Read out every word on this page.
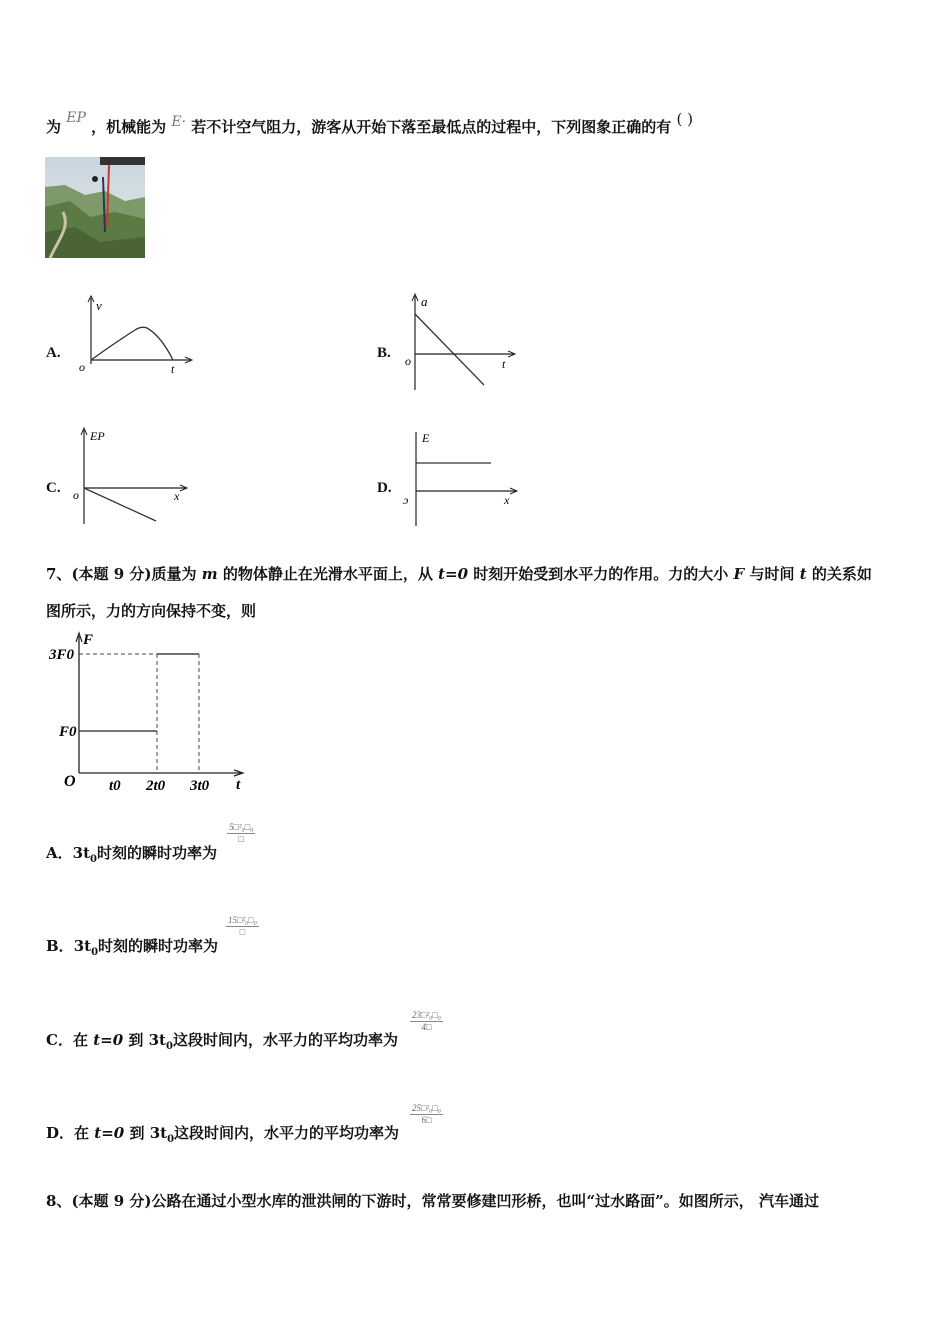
为 EP ，机械能为 E· 若不计空气阻力，游客从开始下落至最低点的过程中，下列图象正确的有 ( )
A.
v
o	t
B.
a
o	t
C.
EP
o	x	D.
E
ɔ	x
7、(本题 9 分)质量为 m 的物体静止在光滑水平面上，从 t=0 时刻开始受到水平力的作用。力的大小 F 与时间 t 的关系如
图所示，力的方向保持不变，则
F
O	t
3F0
F0
t0 2t0 3t0
A．$3t_0$时刻的瞬时功率为
5□²₀□₀
□
B．$3t_0$时刻的瞬时功率为
15□²₀□₀
□
C．在 t=0 到 $3t_0$这段时间内，水平力的平均功率为
$\frac{\text{23□²₀□₀}}{4□}$
D．在 t=0 到 $3t_0$这段时间内，水平力的平均功率为
$\frac{\text{25□²₀□₀}}{6□}$
8、(本题 9 分)公路在通过小型水库的泄洪闸的下游时，常常要修建凹形桥，也叫“过水路面”。如图所示， 汽车通过
